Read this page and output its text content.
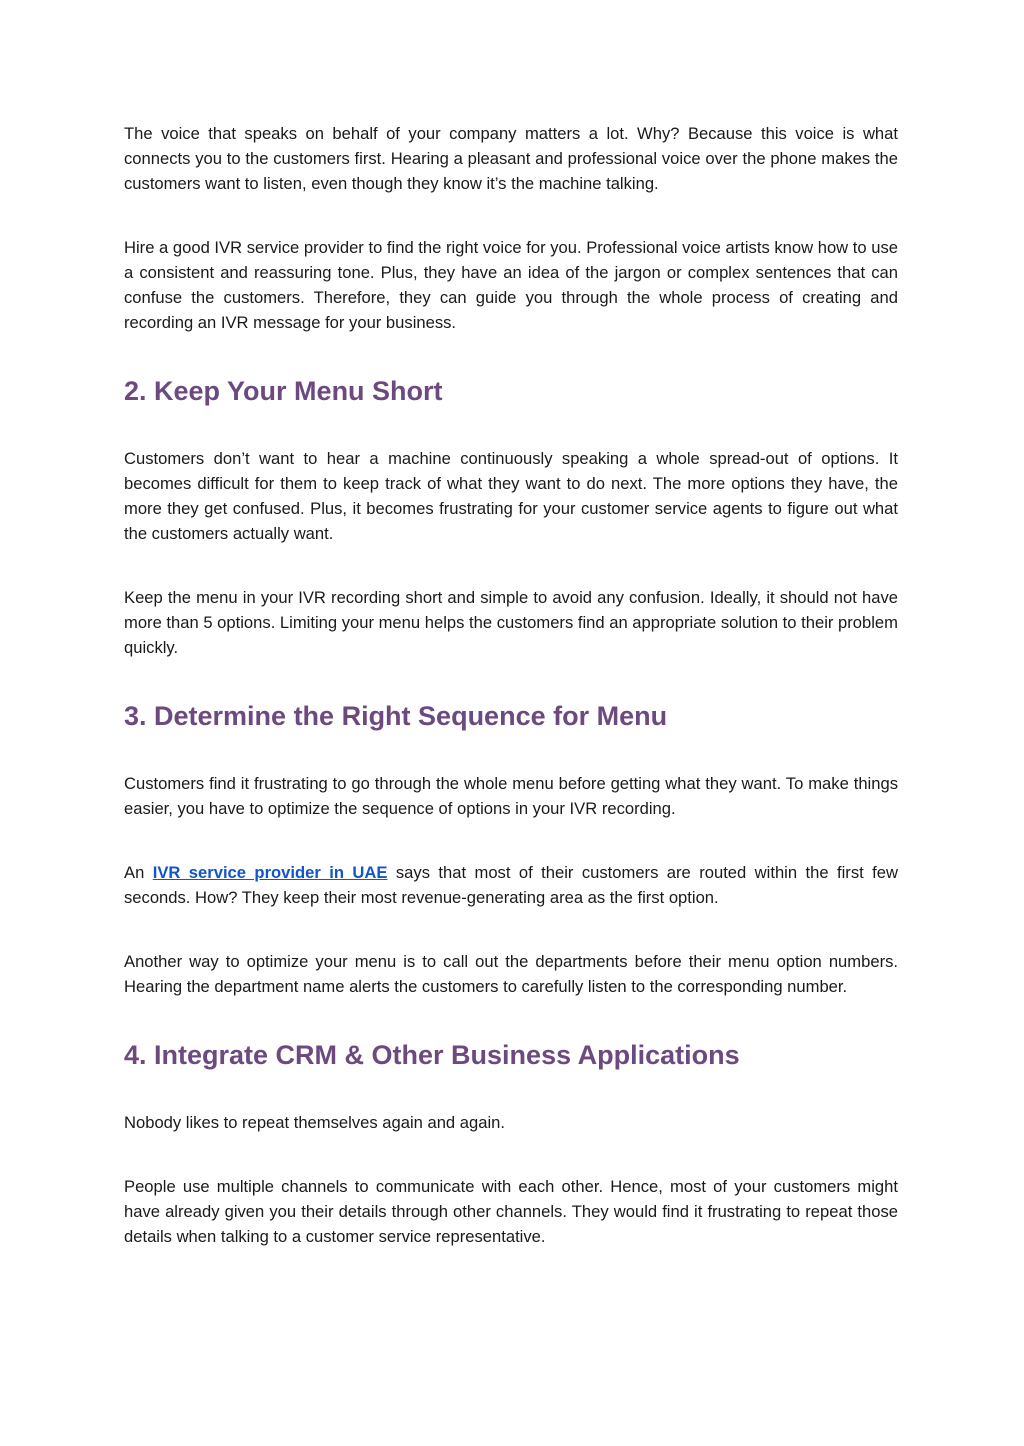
The voice that speaks on behalf of your company matters a lot. Why? Because this voice is what connects you to the customers first. Hearing a pleasant and professional voice over the phone makes the customers want to listen, even though they know it’s the machine talking.

Hire a good IVR service provider to find the right voice for you. Professional voice artists know how to use a consistent and reassuring tone. Plus, they have an idea of the jargon or complex sentences that can confuse the customers. Therefore, they can guide you through the whole process of creating and recording an IVR message for your business.

2. Keep Your Menu Short

Customers don’t want to hear a machine continuously speaking a whole spread-out of options. It becomes difficult for them to keep track of what they want to do next. The more options they have, the more they get confused. Plus, it becomes frustrating for your customer service agents to figure out what the customers actually want.

Keep the menu in your IVR recording short and simple to avoid any confusion. Ideally, it should not have more than 5 options. Limiting your menu helps the customers find an appropriate solution to their problem quickly.

3. Determine the Right Sequence for Menu

Customers find it frustrating to go through the whole menu before getting what they want. To make things easier, you have to optimize the sequence of options in your IVR recording.

An IVR service provider in UAE says that most of their customers are routed within the first few seconds. How? They keep their most revenue-generating area as the first option.

Another way to optimize your menu is to call out the departments before their menu option numbers. Hearing the department name alerts the customers to carefully listen to the corresponding number.

4. Integrate CRM & Other Business Applications

Nobody likes to repeat themselves again and again.

People use multiple channels to communicate with each other. Hence, most of your customers might have already given you their details through other channels. They would find it frustrating to repeat those details when talking to a customer service representative.
